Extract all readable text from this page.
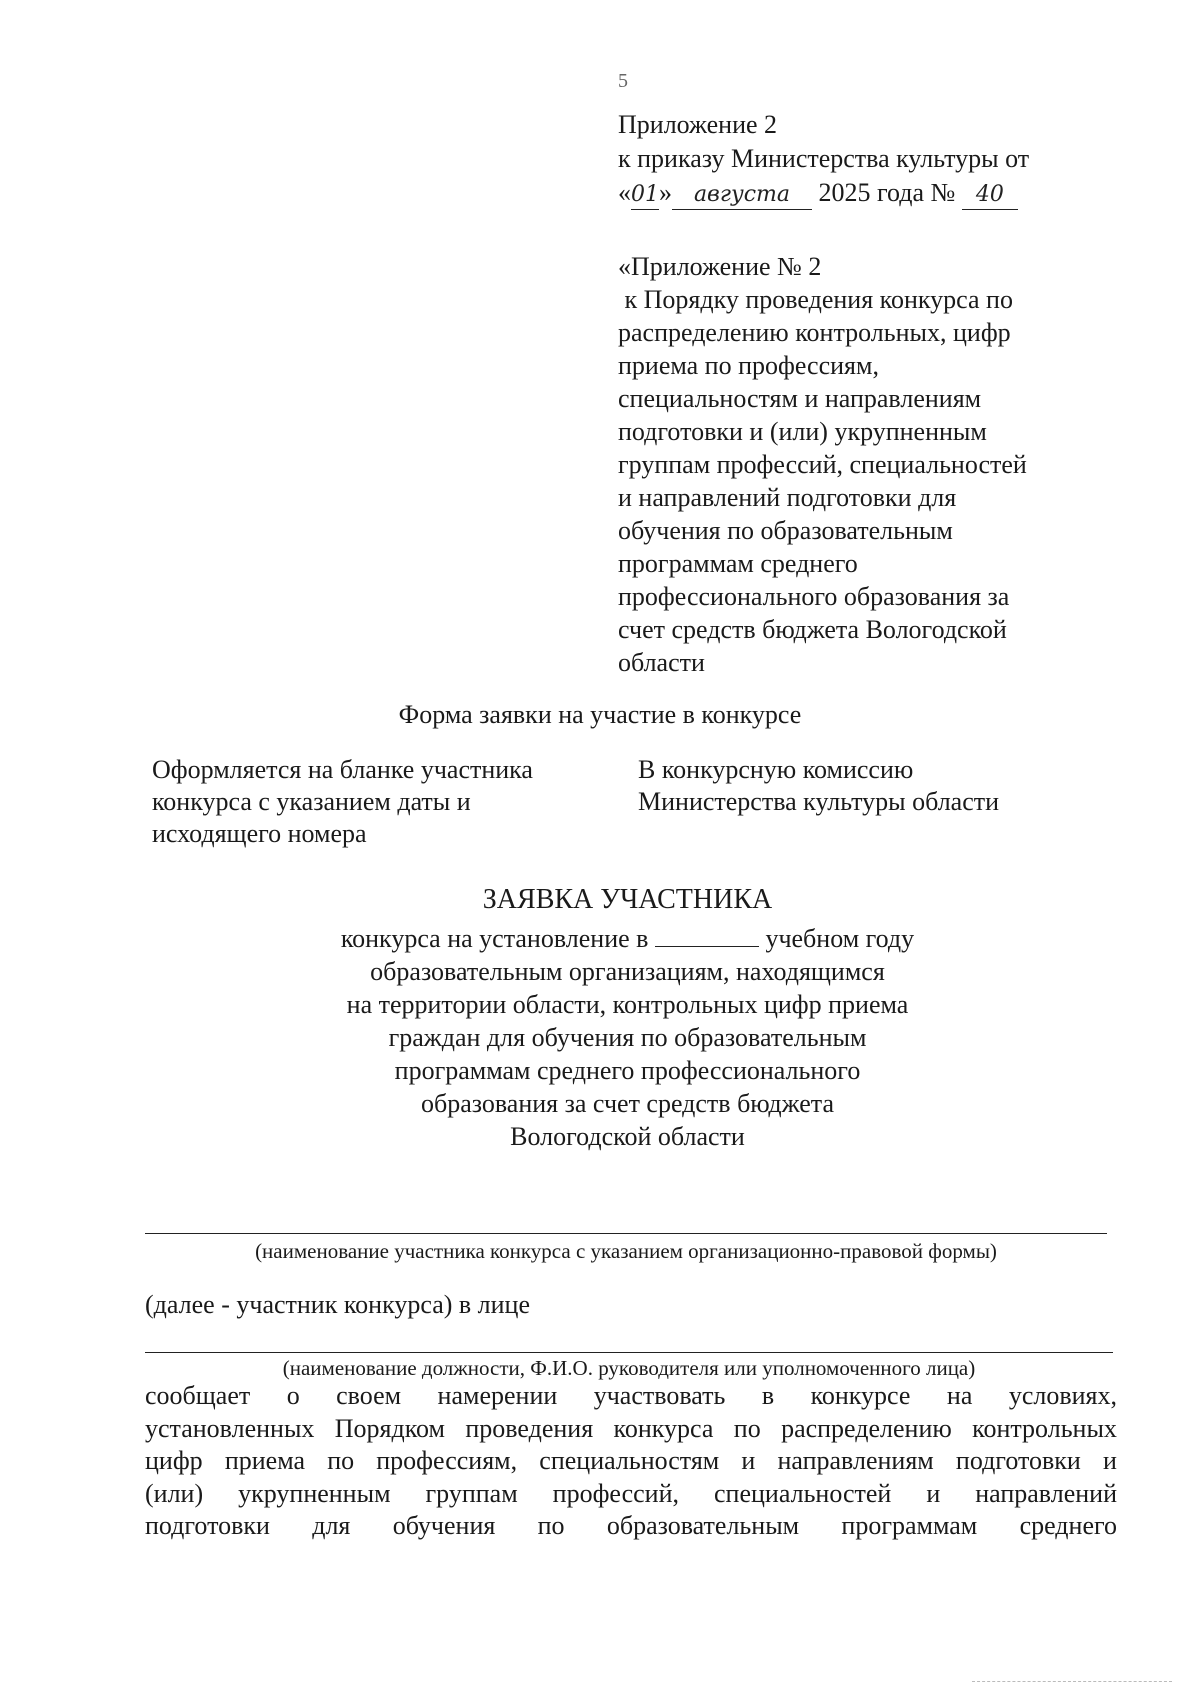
5
Приложение 2
к приказу Министерства культуры от
«01» августа 2025 года № 40
«Приложение № 2
к Порядку проведения конкурса по
распределению контрольных, цифр
приема по профессиям,
специальностям и направлениям
подготовки и (или) укрупненным
группам профессий, специальностей
и направлений подготовки для
обучения по образовательным
программам среднего
профессионального образования за
счет средств бюджета Вологодской
области
Форма заявки на участие в конкурсе
Оформляется на бланке участника
конкурса с указанием даты и
исходящего номера
В конкурсную комиссию
Министерства культуры области
ЗАЯВКА УЧАСТНИКА
конкурса на установление в	учебном году
образовательным организациям, находящимся
на территории области, контрольных цифр приема
граждан для обучения по образовательным
программам среднего профессионального
образования за счет средств бюджета
Вологодской области
(наименование участника конкурса с указанием организационно-правовой формы)
(далее - участник конкурса) в лице
(наименование должности, Ф.И.О. руководителя или уполномоченного лица)
сообщает о своем намерении участвовать в конкурсе на условиях,
установленных Порядком проведения конкурса по распределению контрольных
цифр приема по профессиям, специальностям и направлениям подготовки и
(или) укрупненным группам профессий, специальностей и направлений
подготовки для обучения по образовательным программам среднего
